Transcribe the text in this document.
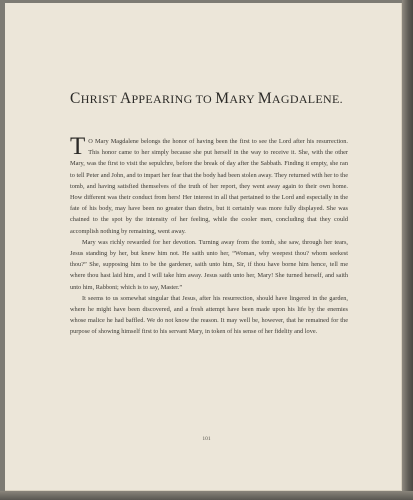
CHRIST APPEARING TO MARY MAGDALENE.

T O Mary Magdalene belongs the honor of having been the first to see the Lord after his resurrection. This honor came to her simply because she put herself in the way to receive it. She, with the other Mary, was the first to visit the sepulchre, before the break of day after the Sabbath. Finding it empty, she ran to tell Peter and John, and to impart her fear that the body had been stolen away. They returned with her to the tomb, and having satisfied themselves of the truth of her report, they went away again to their own home. How different was their conduct from hers! Her interest in all that pertained to the Lord and especially in the fate of his body, may have been no greater than theirs, but it certainly was more fully displayed. She was chained to the spot by the intensity of her feeling, while the cooler men, concluding that they could accomplish nothing by remaining, went away.

Mary was richly rewarded for her devotion. Turning away from the tomb, she saw, through her tears, Jesus standing by her, but knew him not. He saith unto her, “Woman, why weepest thou? whom seekest thou?” She, supposing him to be the gardener, saith unto him, Sir, if thou have borne him hence, tell me where thou hast laid him, and I will take him away. Jesus saith unto her, Mary! She turned herself, and saith unto him, Rabboni; which is to say, Master.”

It seems to us somewhat singular that Jesus, after his resurrection, should have lingered in the garden, where he might have been discovered, and a fresh attempt have been made upon his life by the enemies whose malice he had baffled. We do not know the reason. It may well be, however, that he remained for the purpose of showing himself first to his servant Mary, in token of his sense of her fidelity and love.

101
